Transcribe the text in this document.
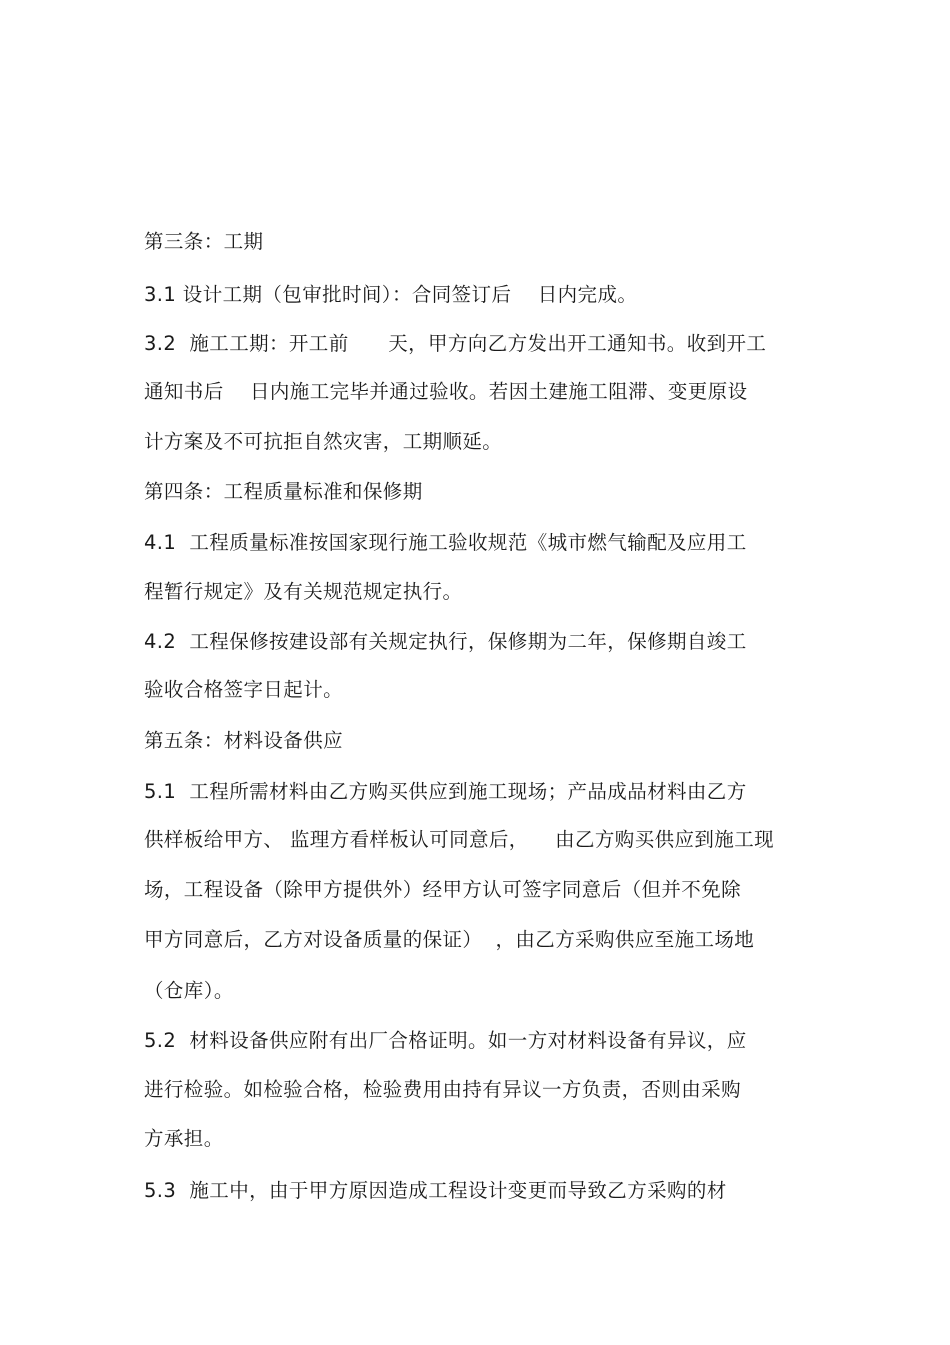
第三条：工期

3.1 设计工期（包审批时间）：合同签订后    日内完成。

3.2  施工工期：开工前      天，甲方向乙方发出开工通知书。收到开工

通知书后    日内施工完毕并通过验收。若因土建施工阻滞、变更原设

计方案及不可抗拒自然灾害，工期顺延。

第四条：工程质量标准和保修期

4.1  工程质量标准按国家现行施工验收规范《城市燃气输配及应用工

程暂行规定》及有关规范规定执行。

4.2  工程保修按建设部有关规定执行，保修期为二年，保修期自竣工

验收合格签字日起计。

第五条：材料设备供应

5.1  工程所需材料由乙方购买供应到施工现场；产品成品材料由乙方

供样板给甲方、 监理方看样板认可同意后，    由乙方购买供应到施工现

场，工程设备（除甲方提供外）经甲方认可签字同意后（但并不免除

甲方同意后，乙方对设备质量的保证）  ，由乙方采购供应至施工场地

（仓库）。

5.2  材料设备供应附有出厂合格证明。如一方对材料设备有异议，应

进行检验。如检验合格，检验费用由持有异议一方负责，否则由采购

方承担。

5.3  施工中，由于甲方原因造成工程设计变更而导致乙方采购的材
